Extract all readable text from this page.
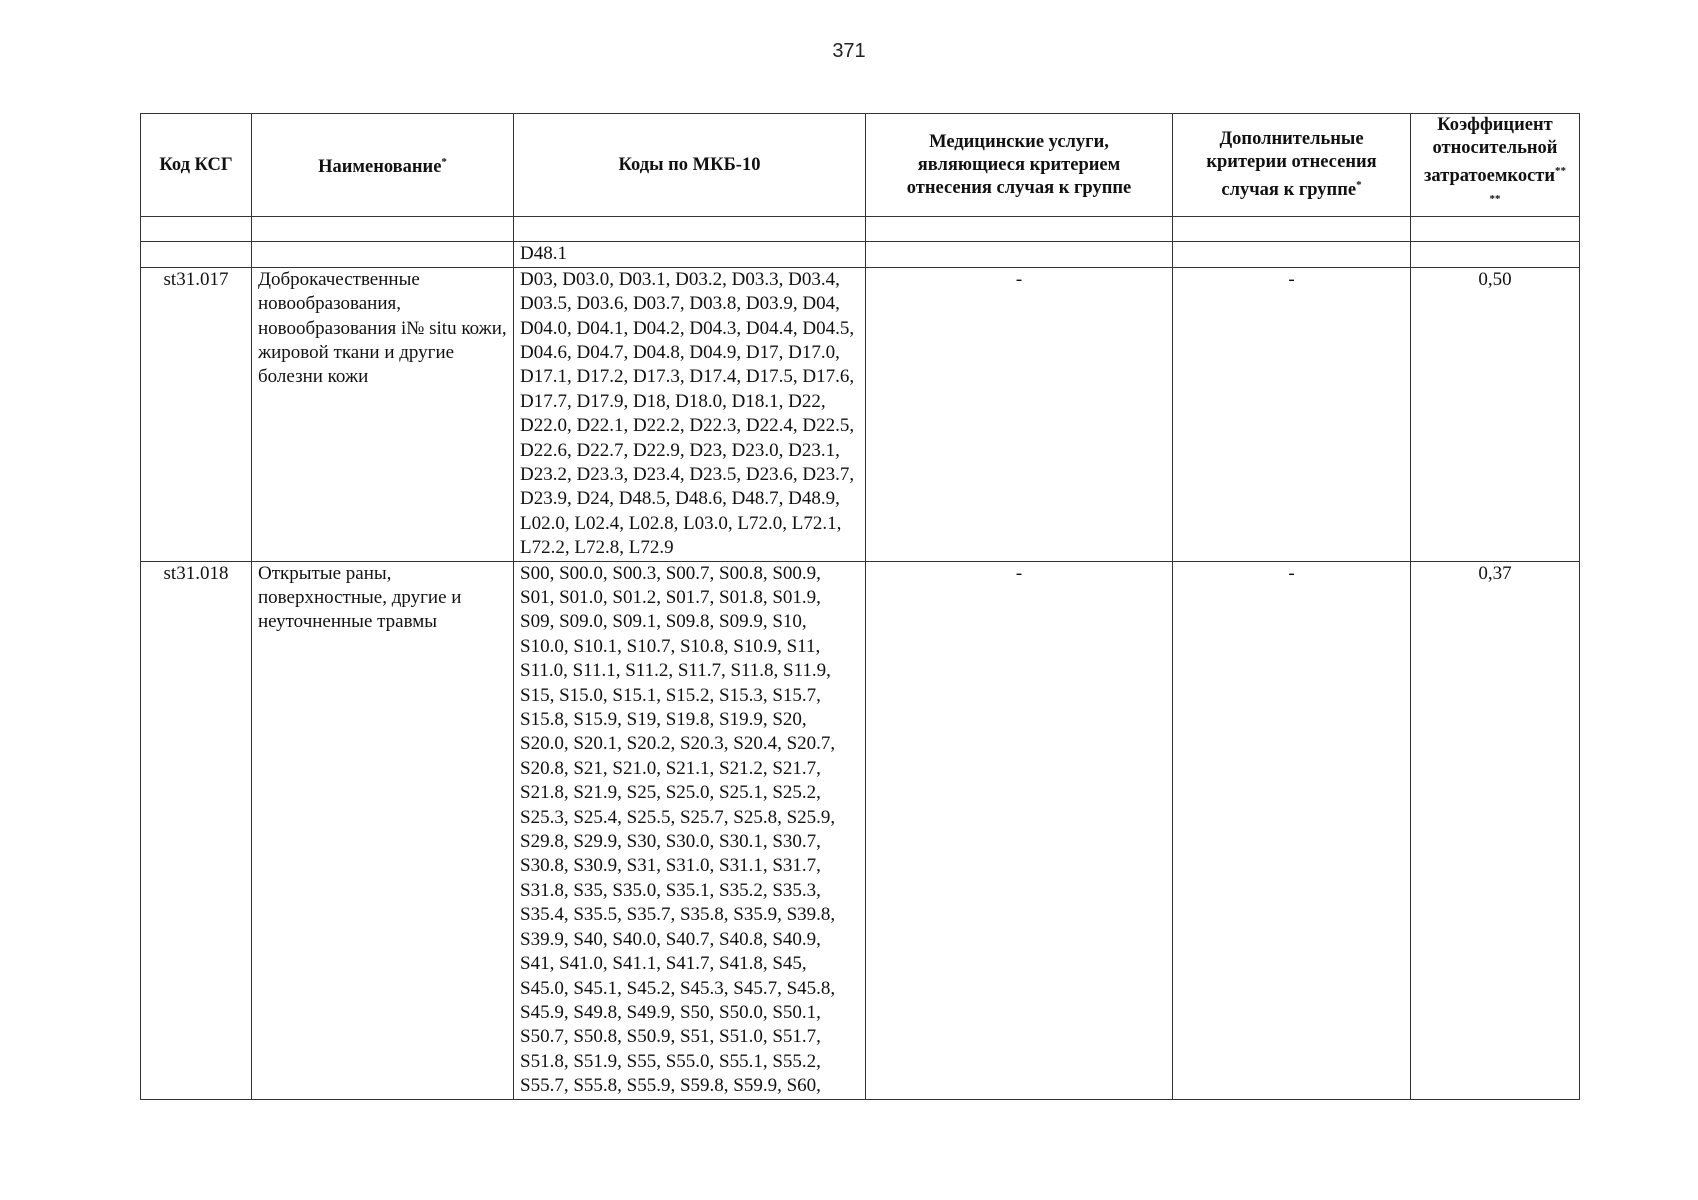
371
Код КСГ	Наименование*	Коды по МКБ-10	Медицинские услуги, являющиеся критерием отнесения случая к группе	Дополнительные критерии отнесения случая к группе*	Коэффициент относительной затратоемкости**
**

		D48.1			
st31.017	Доброкачественные новообразования, новообразования i№ situ кожи, жировой ткани и другие болезни кожи	D03, D03.0, D03.1, D03.2, D03.3, D03.4, D03.5, D03.6, D03.7, D03.8, D03.9, D04, D04.0, D04.1, D04.2, D04.3, D04.4, D04.5, D04.6, D04.7, D04.8, D04.9, D17, D17.0, D17.1, D17.2, D17.3, D17.4, D17.5, D17.6, D17.7, D17.9, D18, D18.0, D18.1, D22, D22.0, D22.1, D22.2, D22.3, D22.4, D22.5, D22.6, D22.7, D22.9, D23, D23.0, D23.1, D23.2, D23.3, D23.4, D23.5, D23.6, D23.7, D23.9, D24, D48.5, D48.6, D48.7, D48.9, L02.0, L02.4, L02.8, L03.0, L72.0, L72.1, L72.2, L72.8, L72.9	-	-	0,50
st31.018	Открытые раны, поверхностные, другие и неуточненные травмы	S00, S00.0, S00.3, S00.7, S00.8, S00.9, S01, S01.0, S01.2, S01.7, S01.8, S01.9, S09, S09.0, S09.1, S09.8, S09.9, S10, S10.0, S10.1, S10.7, S10.8, S10.9, S11, S11.0, S11.1, S11.2, S11.7, S11.8, S11.9, S15, S15.0, S15.1, S15.2, S15.3, S15.7, S15.8, S15.9, S19, S19.8, S19.9, S20, S20.0, S20.1, S20.2, S20.3, S20.4, S20.7, S20.8, S21, S21.0, S21.1, S21.2, S21.7, S21.8, S21.9, S25, S25.0, S25.1, S25.2, S25.3, S25.4, S25.5, S25.7, S25.8, S25.9, S29.8, S29.9, S30, S30.0, S30.1, S30.7, S30.8, S30.9, S31, S31.0, S31.1, S31.7, S31.8, S35, S35.0, S35.1, S35.2, S35.3, S35.4, S35.5, S35.7, S35.8, S35.9, S39.8, S39.9, S40, S40.0, S40.7, S40.8, S40.9, S41, S41.0, S41.1, S41.7, S41.8, S45, S45.0, S45.1, S45.2, S45.3, S45.7, S45.8, S45.9, S49.8, S49.9, S50, S50.0, S50.1, S50.7, S50.8, S50.9, S51, S51.0, S51.7, S51.8, S51.9, S55, S55.0, S55.1, S55.2, S55.7, S55.8, S55.9, S59.8, S59.9, S60,	-	-	0,37
